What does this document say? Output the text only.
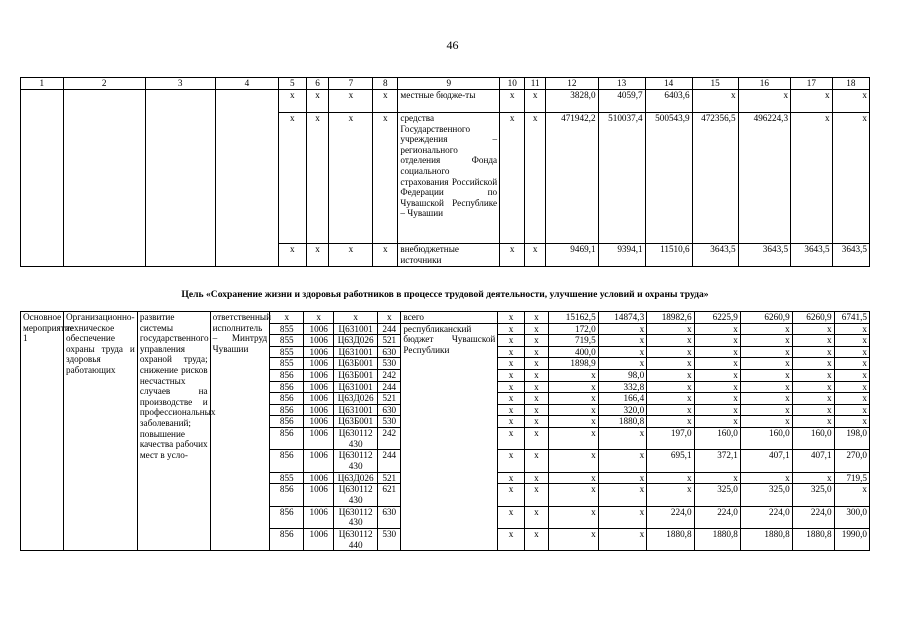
46
1	2	3	4	5	6	7	8	9	10	11	12	13	14	15	16	17	18
				x	x	x	x	местные бюдже-ты	x	x	3828,0	4059,7	6403,6	x	x	x	x
				x	x	x	x	средства Государственного учреждения – регионального отделения Фонда социального страхования Российской Федерации по Чувашской Республике – Чувашии	x	x	471942,2	510037,4	500543,9	472356,5	496224,3	x	x
				x	x	x	x	внебюджетные источники	x	x	9469,1	9394,1	11510,6	3643,5	3643,5	3643,5	3643,5
Цель «Сохранение жизни и здоровья работников в процессе трудовой деятельности, улучшение условий и охраны труда»
Основное мероприятие 1	Организационно-техническое обеспечение охраны труда и здоровья работающих	развитие системы государственного управления охраной труда; снижение рисков несчастных случаев на производстве и профессиональных заболеваний; повышение качества рабочих мест в усло-	ответственный исполнитель – Минтруд Чувашии	x	x	x	x	всего	x	x	15162,5	14874,3	18982,6	6225,9	6260,9	6260,9	6741,5
				855	1006	Ц631001	244	республиканский бюджет Чувашской Республики	x	x	172,0	x	x	x	x	x	x
				855	1006	Ц63Д026	521		x	x	719,5	x	x	x	x	x	x
				855	1006	Ц631001	630		x	x	400,0	x	x	x	x	x	x
				855	1006	Ц63Б001	530		x	x	1898,9	x	x	x	x	x	x
				856	1006	Ц63Б001	242		x	x	x	98,0	x	x	x	x	x
				856	1006	Ц631001	244		x	x	x	332,8	x	x	x	x	x
				856	1006	Ц63Д026	521		x	x	x	166,4	x	x	x	x	x
				856	1006	Ц631001	630		x	x	x	320,0	x	x	x	x	x
				856	1006	Ц63Б001	530		x	x	x	1880,8	x	x	x	x	x
				856	1006	Ц630112 430	242		x	x	x	x	197,0	160,0	160,0	160,0	198,0
				856	1006	Ц630112 430	244		x	x	x	x	695,1	372,1	407,1	407,1	270,0
				855	1006	Ц63Д026	521		x	x	x	x	x	x	x	x	719,5
				856	1006	Ц630112 430	621		x	x	x	x	x	325,0	325,0	325,0	x
				856	1006	Ц630112 430	630		x	x	x	x	224,0	224,0	224,0	224,0	300,0
				856	1006	Ц630112 440	530		x	x	x	x	1880,8	1880,8	1880,8	1880,8	1990,0
